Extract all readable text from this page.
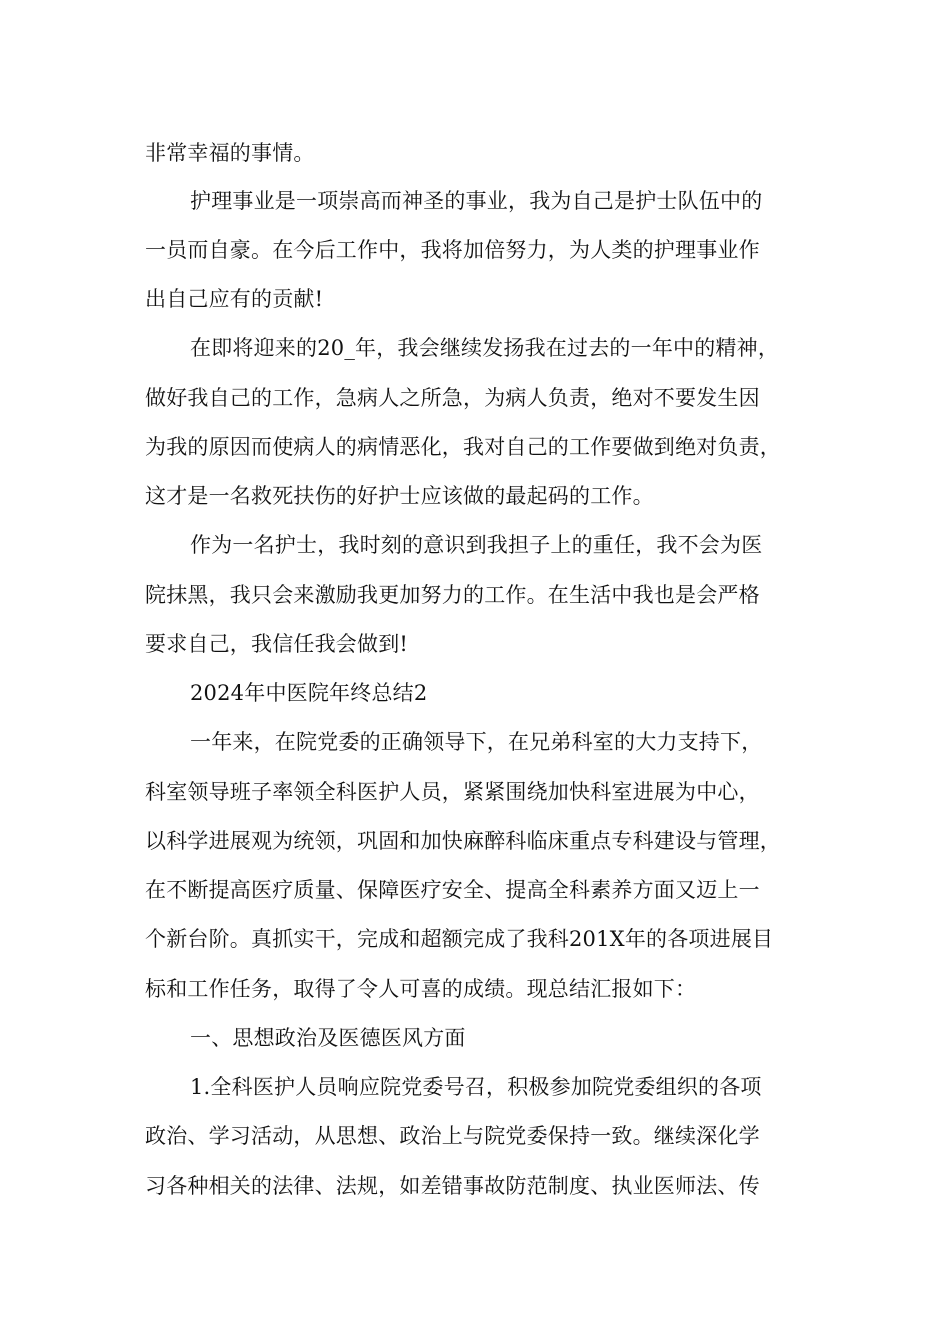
非常幸福的事情。
护理事业是一项崇高而神圣的事业，我为自己是护士队伍中的
一员而自豪。在今后工作中，我将加倍努力，为人类的护理事业作
出自己应有的贡献!
在即将迎来的20_年，我会继续发扬我在过去的一年中的精神，
做好我自己的工作，急病人之所急，为病人负责，绝对不要发生因
为我的原因而使病人的病情恶化，我对自己的工作要做到绝对负责，
这才是一名救死扶伤的好护士应该做的最起码的工作。
作为一名护士，我时刻的意识到我担子上的重任，我不会为医
院抹黑，我只会来激励我更加努力的工作。在生活中我也是会严格
要求自己，我信任我会做到!
2024年中医院年终总结2
一年来，在院党委的正确领导下，在兄弟科室的大力支持下，
科室领导班子率领全科医护人员，紧紧围绕加快科室进展为中心，
以科学进展观为统领，巩固和加快麻醉科临床重点专科建设与管理，
在不断提高医疗质量、保障医疗安全、提高全科素养方面又迈上一
个新台阶。真抓实干，完成和超额完成了我科201X年的各项进展目
标和工作任务，取得了令人可喜的成绩。现总结汇报如下：
一、思想政治及医德医风方面
1.全科医护人员响应院党委号召，积极参加院党委组织的各项
政治、学习活动，从思想、政治上与院党委保持一致。继续深化学
习各种相关的法律、法规，如差错事故防范制度、执业医师法、传
